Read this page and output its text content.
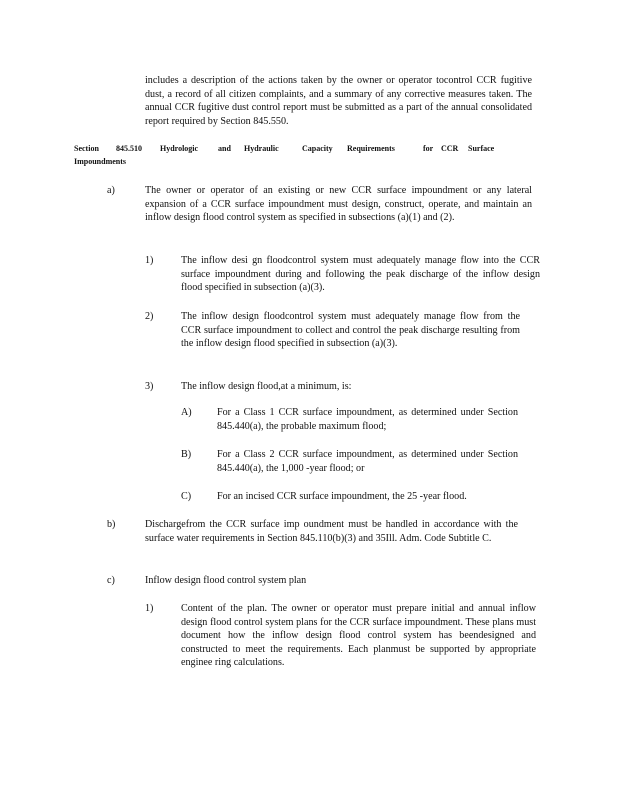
includes a description of the actions taken by the owner or operator tocontrol CCR fugitive dust, a record of all citizen complaints, and a summary of any corrective measures taken. The annual CCR fugitive dust control report must be submitted as a part of the annual consolidated report required by Section 845.550.

Section 845.510 Hydrologic and Hydraulic	Capacity Requirements	for CCR Surface
Impoundments
a)	The owner or operator of an existing or new CCR surface impoundment or any lateral expansion of a CCR surface impoundment must design, construct, operate, and maintain an inflow design flood control system as specified in subsections (a)(1) and (2).

1)	The inflow desi gn floodcontrol system must adequately manage flow into the CCR surface impoundment during and following the peak discharge of the inflow design flood specified in subsection (a)(3).

2)	The inflow design floodcontrol system must adequately manage flow from the CCR surface impoundment to collect and control the peak discharge resulting from the inflow design flood specified in subsection (a)(3).

3)	The inflow design flood,at a minimum, is:

A)	For a Class 1 CCR surface impoundment, as determined under Section 845.440(a), the probable maximum flood;

B)	For a Class 2 CCR surface impoundment, as determined under Section 845.440(a), the 1,000 -year flood; or

C)	For an incised CCR surface impoundment, the 25 -year flood.

b)	Dischargefrom the CCR surface imp oundment must be handled in accordance with the surface water requirements in Section 845.110(b)(3) and 35Ill. Adm. Code Subtitle C.

c)	Inflow design flood control system plan

1)	Content of the plan. The owner or operator must prepare initial and annual inflow design flood control system plans for the CCR surface impoundment. These plans must document how the inflow design flood control system has beendesigned and constructed to meet the requirements. Each planmust be supported by appropriate enginee ring calculations.
